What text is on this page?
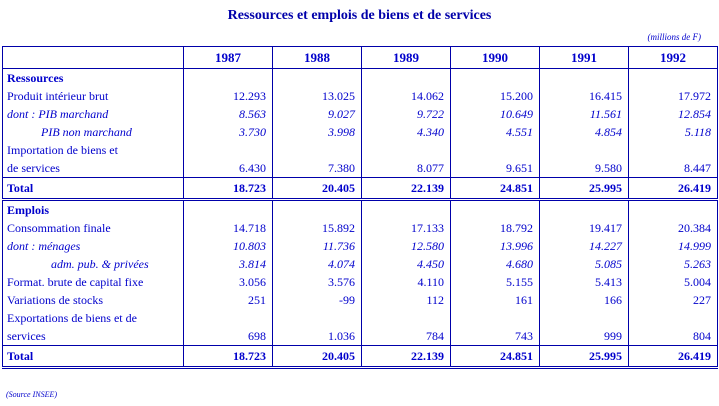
Ressources et emplois de biens et de services
(millions de F)
	1987	1988	1989	1990	1991	1992
Ressources						
Produit intérieur brut	12.293	13.025	14.062	15.200	16.415	17.972
dont : PIB marchand	8.563	9.027	9.722	10.649	11.561	12.854
PIB non marchand	3.730	3.998	4.340	4.551	4.854	5.118
Importation de biens et						
de services	6.430	7.380	8.077	9.651	9.580	8.447
Total	18.723	20.405	22.139	24.851	25.995	26.419
Emplois						
Consommation finale	14.718	15.892	17.133	18.792	19.417	20.384
dont : ménages	10.803	11.736	12.580	13.996	14.227	14.999
adm. pub. & privées	3.814	4.074	4.450	4.680	5.085	5.263
Format. brute de capital fixe	3.056	3.576	4.110	5.155	5.413	5.004
Variations de stocks	251	-99	112	161	166	227
Exportations de biens et de						
services	698	1.036	784	743	999	804
Total	18.723	20.405	22.139	24.851	25.995	26.419
(Source INSEE)
